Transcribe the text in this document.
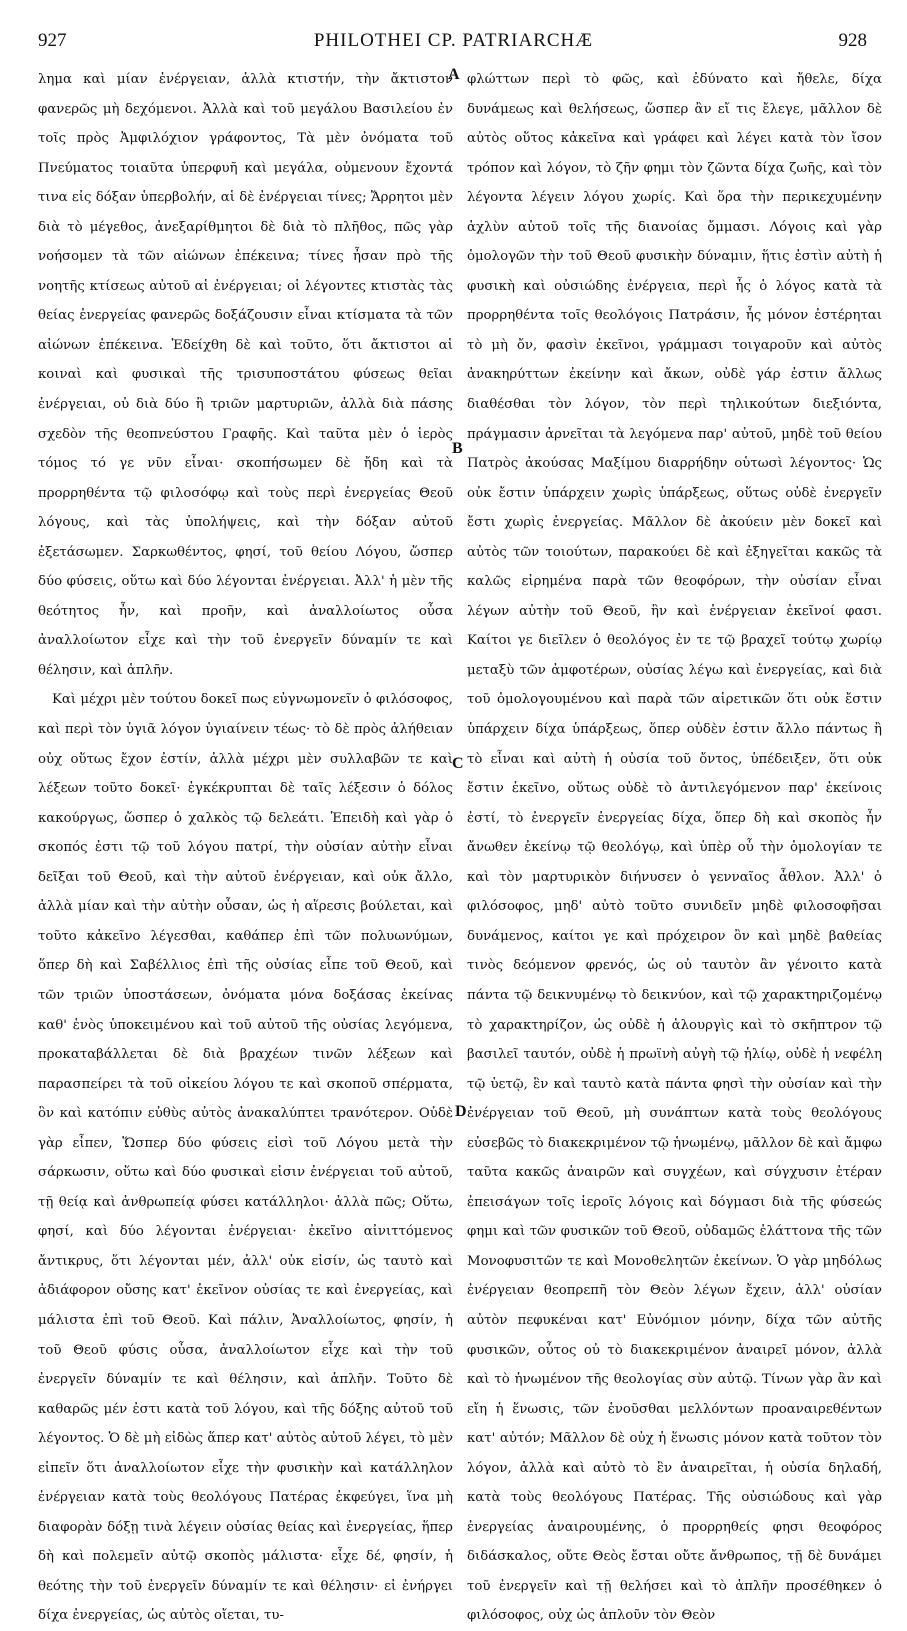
927	PHILOTHEI CP. PATRIARCHÆ	928

λημα καὶ μίαν ἐνέργειαν, ἀλλὰ κτιστήν, τὴν ἄκτιστον φανερῶς μὴ δεχόμενοι. Ἀλλὰ καὶ τοῦ μεγάλου Βασιλείου ἐν τοῖς πρὸς Ἀμφιλόχιον γράφοντος, Τὰ μὲν ὀνόματα τοῦ Πνεύματος τοιαῦτα ὑπερφυῆ καὶ μεγάλα, οὐμενουν ἔχοντά τινα εἰς δόξαν ὑπερβολήν, αἱ δὲ ἐνέργειαι τίνες; Ἄρρητοι μὲν διὰ τὸ μέγεθος, ἀνεξαρίθμητοι δὲ διὰ τὸ πλῆθος, πῶς γὰρ νοήσομεν τὰ τῶν αἰώνων ἐπέκεινα; τίνες ἦσαν πρὸ τῆς νοητῆς κτίσεως αὐτοῦ αἱ ἐνέργειαι; οἱ λέγοντες κτιστὰς τὰς θείας ἐνεργείας φανερῶς δοξάζουσιν εἶναι κτίσματα τὰ τῶν αἰώνων ἐπέκεινα. Ἐδείχθη δὲ καὶ τοῦτο, ὅτι ἄκτιστοι αἱ κοιναὶ καὶ φυσικαὶ τῆς τρισυποστάτου φύσεως θεῖαι ἐνέργειαι, οὐ διὰ δύο ἢ τριῶν μαρτυριῶν, ἀλλὰ διὰ πάσης σχεδὸν τῆς θεοπνεύστου Γραφῆς. Καὶ ταῦτα μὲν ὁ ἱερὸς τόμος τό γε νῦν εἶναι· σκοπήσωμεν δὲ ἤδη καὶ τὰ προρρηθέντα τῷ φιλοσόφῳ καὶ τοὺς περὶ ἐνεργείας Θεοῦ λόγους, καὶ τὰς ὑπολήψεις, καὶ τὴν δόξαν αὐτοῦ ἐξετάσωμεν. Σαρκωθέντος, φησί, τοῦ θείου Λόγου, ὥσπερ δύο φύσεις, οὕτω καὶ δύο λέγονται ἐνέργειαι. Ἀλλ' ἡ μὲν τῆς θεότητος ἦν, καὶ προῆν, καὶ ἀναλλοίωτος οὖσα ἀναλλοίωτον εἶχε καὶ τὴν τοῦ ἐνεργεῖν δύναμίν τε καὶ θέλησιν, καὶ ἁπλῆν.

Καὶ μέχρι μὲν τούτου δοκεῖ πως εὐγνωμονεῖν ὁ φιλόσοφος, καὶ περὶ τὸν ὑγιᾶ λόγον ὑγιαίνειν τέως· τὸ δὲ πρὸς ἀλήθειαν οὐχ οὕτως ἔχον ἐστίν, ἀλλὰ μέχρι μὲν συλλαβῶν τε καὶ λέξεων τοῦτο δοκεῖ· ἐγκέκρυπται δὲ ταῖς λέξεσιν ὁ δόλος κακούργως, ὥσπερ ὁ χαλκὸς τῷ δελεάτι. Ἐπειδὴ καὶ γὰρ ὁ σκοπός ἐστι τῷ τοῦ λόγου πατρί, τὴν οὐσίαν αὐτὴν εἶναι δεῖξαι τοῦ Θεοῦ, καὶ τὴν αὐτοῦ ἐνέργειαν, καὶ οὐκ ἄλλο, ἀλλὰ μίαν καὶ τὴν αὐτὴν οὖσαν, ὡς ἡ αἵρεσις βούλεται, καὶ τοῦτο κἀκεῖνο λέγεσθαι, καθάπερ ἐπὶ τῶν πολυωνύμων, ὅπερ δὴ καὶ Σαβέλλιος ἐπὶ τῆς οὐσίας εἶπε τοῦ Θεοῦ, καὶ τῶν τριῶν ὑποστάσεων, ὀνόματα μόνα δοξάσας ἐκείνας καθ' ἑνὸς ὑποκειμένου καὶ τοῦ αὐτοῦ τῆς οὐσίας λεγόμενα, προκαταβάλλεται δὲ διὰ βραχέων τινῶν λέξεων καὶ παρασπείρει τὰ τοῦ οἰκείου λόγου τε καὶ σκοποῦ σπέρματα, ὃν καὶ κατόπιν εὐθὺς αὐτὸς ἀνακαλύπτει τρανότερον. Οὐδὲ γὰρ εἶπεν, Ὥσπερ δύο φύσεις εἰσὶ τοῦ Λόγου μετὰ τὴν σάρκωσιν, οὕτω καὶ δύο φυσικαὶ εἰσιν ἐνέργειαι τοῦ αὐτοῦ, τῇ θείᾳ καὶ ἀνθρωπείᾳ φύσει κατάλληλοι· ἀλλὰ πῶς; Οὕτω, φησί, καὶ δύο λέγονται ἐνέργειαι· ἐκεῖνο αἰνιττόμενος ἄντικρυς, ὅτι λέγονται μέν, ἀλλ' οὐκ εἰσίν, ὡς ταυτὸ καὶ ἀδιάφορον οὔσης κατ' ἐκεῖνον οὐσίας τε καὶ ἐνεργείας, καὶ μάλιστα ἐπὶ τοῦ Θεοῦ. Καὶ πάλιν, Ἀναλλοίωτος, φησίν, ἡ τοῦ Θεοῦ φύσις οὖσα, ἀναλλοίωτον εἶχε καὶ τὴν τοῦ ἐνεργεῖν δύναμίν τε καὶ θέλησιν, καὶ ἁπλῆν. Τοῦτο δὲ καθαρῶς μέν ἐστι κατὰ τοῦ λόγου, καὶ τῆς δόξης αὐτοῦ τοῦ λέγοντος. Ὁ δὲ μὴ εἰδὼς ἅπερ κατ' αὐτὸς αὐτοῦ λέγει, τὸ μὲν εἰπεῖν ὅτι ἀναλλοίωτον εἶχε τὴν φυσικὴν καὶ κατάλληλον ἐνέργειαν κατὰ τοὺς θεολόγους Πατέρας ἐκφεύγει, ἵνα μὴ διαφορὰν δόξῃ τινὰ λέγειν οὐσίας θείας καὶ ἐνεργείας, ἥπερ δὴ καὶ πολεμεῖν αὐτῷ σκοπὸς μάλιστα· εἶχε δέ, φησίν, ἡ θεότης τὴν τοῦ ἐνεργεῖν δύναμίν τε καὶ θέλησιν· εἰ ἐνήργει δίχα ἐνεργείας, ὡς αὐτὸς οἴεται, τυ-

A
B
C
D

φλώττων περὶ τὸ φῶς, καὶ ἐδύνατο καὶ ἤθελε, δίχα δυνάμεως καὶ θελήσεως, ὥσπερ ἂν εἴ τις ἔλεγε, μᾶλλον δὲ αὐτὸς οὕτος κἀκεῖνα καὶ γράφει καὶ λέγει κατὰ τὸν ἴσον τρόπον καὶ λόγον, τὸ ζῆν φημι τὸν ζῶντα δίχα ζωῆς, καὶ τὸν λέγοντα λέγειν λόγου χωρίς. Καὶ ὅρα τὴν περικεχυμένην ἀχλὺν αὐτοῦ τοῖς τῆς διανοίας ὄμμασι. Λόγοις καὶ γὰρ ὁμολογῶν τὴν τοῦ Θεοῦ φυσικὴν δύναμιν, ἥτις ἐστὶν αὐτὴ ἡ φυσικὴ καὶ οὐσιώδης ἐνέργεια, περὶ ἧς ὁ λόγος κατὰ τὰ προρρηθέντα τοῖς θεολόγοις Πατράσιν, ἧς μόνον ἐστέρηται τὸ μὴ ὄν, φασὶν ἐκεῖνοι, γράμμασι τοιγαροῦν καὶ αὐτὸς ἀνακηρύττων ἐκείνην καὶ ἄκων, οὐδὲ γάρ ἐστιν ἄλλως διαθέσθαι τὸν λόγον, τὸν περὶ τηλικούτων διεξιόντα, πράγμασιν ἀρνεῖται τὰ λεγόμενα παρ' αὐτοῦ, μηδὲ τοῦ θείου Πατρὸς ἀκούσας Μαξίμου διαρρήδην οὑτωσὶ λέγοντος· Ὡς οὐκ ἔστιν ὑπάρχειν χωρὶς ὑπάρξεως, οὕτως οὐδὲ ἐνεργεῖν ἔστι χωρὶς ἐνεργείας. Μᾶλλον δὲ ἀκούειν μὲν δοκεῖ καὶ αὐτὸς τῶν τοιούτων, παρακούει δὲ καὶ ἐξηγεῖται κακῶς τὰ καλῶς εἰρημένα παρὰ τῶν θεοφόρων, τὴν οὐσίαν εἶναι λέγων αὐτὴν τοῦ Θεοῦ, ἣν καὶ ἐνέργειαν ἐκεῖνοί φασι. Καίτοι γε διεῖλεν ὁ θεολόγος ἐν τε τῷ βραχεῖ τούτῳ χωρίῳ μεταξὺ τῶν ἀμφοτέρων, οὐσίας λέγω καὶ ἐνεργείας, καὶ διὰ τοῦ ὁμολογουμένου καὶ παρὰ τῶν αἱρετικῶν ὅτι οὐκ ἔστιν ὑπάρχειν δίχα ὑπάρξεως, ὅπερ οὐδὲν ἐστιν ἄλλο πάντως ἢ τὸ εἶναι καὶ αὐτὴ ἡ οὐσία τοῦ ὄντος, ὑπέδειξεν, ὅτι οὐκ ἔστιν ἐκεῖνο, οὕτως οὐδὲ τὸ ἀντιλεγόμενον παρ' ἐκείνοις ἐστί, τὸ ἐνεργεῖν ἐνεργείας δίχα, ὅπερ δὴ καὶ σκοπὸς ἦν ἄνωθεν ἐκείνῳ τῷ θεολόγῳ, καὶ ὑπὲρ οὗ τὴν ὁμολογίαν τε καὶ τὸν μαρτυρικὸν διήνυσεν ὁ γενναῖος ἆθλον. Ἀλλ' ὁ φιλόσοφος, μηδ' αὐτὸ τοῦτο συνιδεῖν μηδὲ φιλοσοφῆσαι δυνάμενος, καίτοι γε καὶ πρόχειρον ὂν καὶ μηδὲ βαθείας τινὸς δεόμενον φρενός, ὡς οὐ ταυτὸν ἂν γένοιτο κατὰ πάντα τῷ δεικνυμένῳ τὸ δεικνύον, καὶ τῷ χαρακτηριζομένῳ τὸ χαρακτηρίζον, ὡς οὐδὲ ἡ ἁλουργὶς καὶ τὸ σκῆπτρον τῷ βασιλεῖ ταυτόν, οὐδὲ ἡ πρωϊνὴ αὐγὴ τῷ ἡλίῳ, οὐδὲ ἡ νεφέλη τῷ ὑετῷ, ἓν καὶ ταυτὸ κατὰ πάντα φησὶ τὴν οὐσίαν καὶ τὴν ἐνέργειαν τοῦ Θεοῦ, μὴ συνάπτων κατὰ τοὺς θεολόγους εὐσεβῶς τὸ διακεκριμένον τῷ ἡνωμένῳ, μᾶλλον δὲ καὶ ἄμφω ταῦτα κακῶς ἀναιρῶν καὶ συγχέων, καὶ σύγχυσιν ἑτέραν ἐπεισάγων τοῖς ἱεροῖς λόγοις καὶ δόγμασι διὰ τῆς φύσεώς φημι καὶ τῶν φυσικῶν τοῦ Θεοῦ, οὐδαμῶς ἐλάττονα τῆς τῶν Μονοφυσιτῶν τε καὶ Μονοθελητῶν ἐκείνων. Ὁ γὰρ μηδόλως ἐνέργειαν θεοπρεπῆ τὸν Θεὸν λέγων ἔχειν, ἀλλ' οὐσίαν αὐτὸν πεφυκέναι κατ' Εὐνόμιον μόνην, δίχα τῶν αὐτῆς φυσικῶν, οὗτος οὐ τὸ διακεκριμένον ἀναιρεῖ μόνον, ἀλλὰ καὶ τὸ ἡνωμένον τῆς θεολογίας σὺν αὐτῷ. Τίνων γὰρ ἂν καὶ εἴη ἡ ἕνωσις, τῶν ἑνοῦσθαι μελλόντων προαναιρεθέντων κατ' αὐτόν; Μᾶλλον δὲ οὐχ ἡ ἕνωσις μόνον κατὰ τοῦτον τὸν λόγον, ἀλλὰ καὶ αὐτὸ τὸ ἓν ἀναιρεῖται, ἡ οὐσία δηλαδή, κατὰ τοὺς θεολόγους Πατέρας. Τῆς οὐσιώδους καὶ γὰρ ἐνεργείας ἀναιρουμένης, ὁ προρρηθείς φησι θεοφόρος διδάσκαλος, οὔτε Θεὸς ἔσται οὔτε ἄνθρωπος, τῇ δὲ δυνάμει τοῦ ἐνεργεῖν καὶ τῇ θελήσει καὶ τὸ ἁπλῆν προσέθηκεν ὁ φιλόσοφος, οὐχ ὡς ἁπλοῦν τὸν Θεὸν
